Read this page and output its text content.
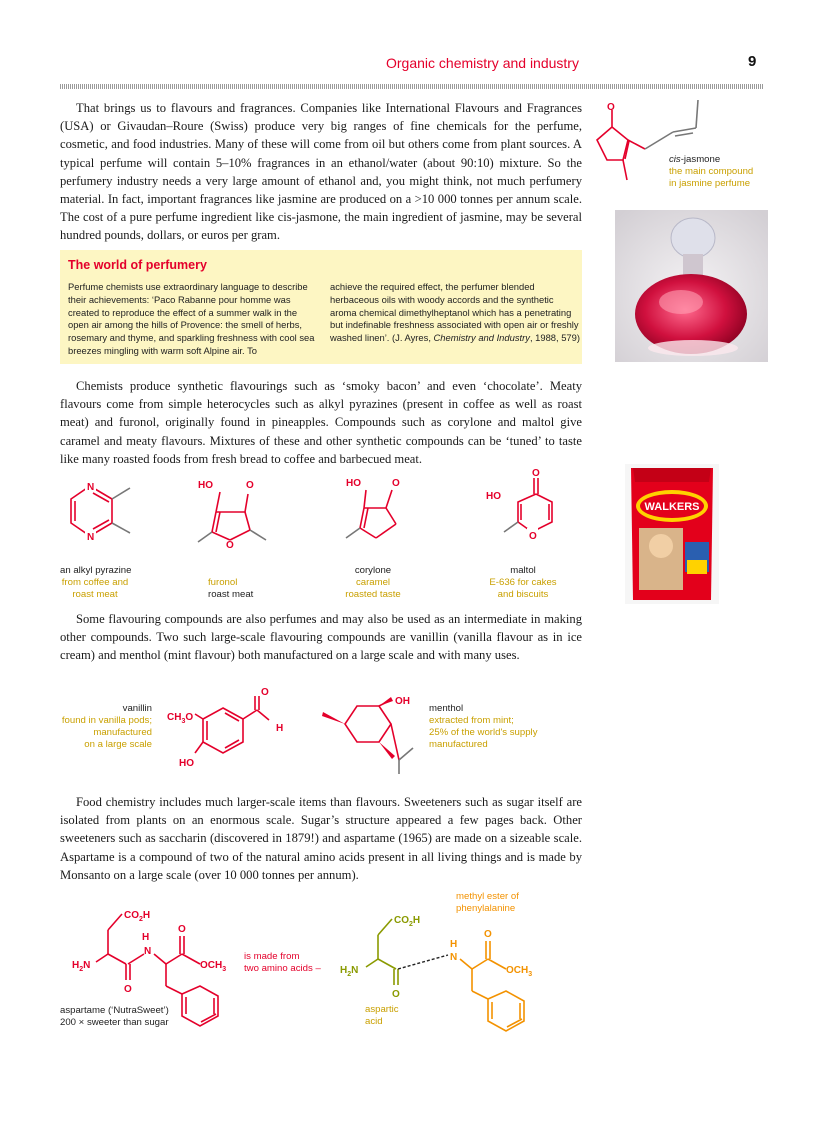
Organic chemistry and industry	9

That brings us to flavours and fragrances. Companies like International Flavours and Fragrances (USA) or Givaudan–Roure (Swiss) produce very big ranges of fine chemicals for the perfume, cosmetic, and food industries. Many of these will come from oil but others come from plant sources. A typical perfume will contain 5–10% fragrances in an ethanol/water (about 90:10) mixture. So the perfumery industry needs a very large amount of ethanol and, you might think, not much perfumery material. In fact, important fragrances like jasmine are produced on a >10 000 tonnes per annum scale. The cost of a pure perfume ingredient like cis-jasmone, the main ingredient of jasmine, may be several hundred pounds, dollars, or euros per gram.

The world of perfumery
Perfume chemists use extraordinary language to describe their achievements: ‘Paco Rabanne pour homme was created to reproduce the effect of a summer walk in the open air among the hills of Provence: the smell of herbs, rosemary and thyme, and sparkling freshness with cool sea breezes mingling with warm soft Alpine air. To
achieve the required effect, the perfumer blended herbaceous oils with woody accords and the synthetic aroma chemical dimethylheptanol which has a penetrating but indefinable freshness associated with open air or freshly washed linen’. (J. Ayres, Chemistry and Industry, 1988, 579)

Chemists produce synthetic flavourings such as ‘smoky bacon’ and even ‘chocolate’. Meaty flavours come from simple heterocycles such as alkyl pyrazines (present in coffee as well as roast meat) and furonol, originally found in pineapples. Compounds such as corylone and maltol give caramel and meaty flavours. Mixtures of these and other synthetic compounds can be ‘tuned’ to taste like many roasted foods from fresh bread to coffee and barbecued meat.

Some flavouring compounds are also perfumes and may also be used as an intermediate in making other compounds. Two such large-scale flavouring compounds are vanillin (vanilla flavour as in ice cream) and menthol (mint flavour) both manufactured on a large scale and with many uses.

Food chemistry includes much larger-scale items than flavours. Sweeteners such as sugar itself are isolated from plants on an enormous scale. Sugar’s structure appeared a few pages back. Other sweeteners such as saccharin (discovered in 1879!) and aspartame (1965) are made on a sizeable scale. Aspartame is a compound of two of the natural amino acids present in all living things and is made by Monsanto on a large scale (over 10 000 tonnes per annum).

O
cis-jasmone
the main compound
in jasmine perfume
WALKERS
N
N
an alkyl pyrazine
from coffee and
roast meat
HO	O
O
furonol
roast meat
HO	O
corylone
caramel
roasted taste
O
HO
O
maltol
E-636 for cakes
and biscuits
vanillin
found in vanilla pods;
manufactured
on a large scale
O
H
$CH_3O$
HO
OH
menthol
extracted from mint;
25% of the world's supply
manufactured
$CO_2H$
H
N
O
O
$H_2N$	$OCH_3$
aspartame (‘NutraSweet’)
200 × sweeter than sugar
is made from
two amino acids –
methyl ester of
phenylalanine
$CO_2H$
$H_2N$
O
H
N
O
$OCH_3$
aspartic
acid
